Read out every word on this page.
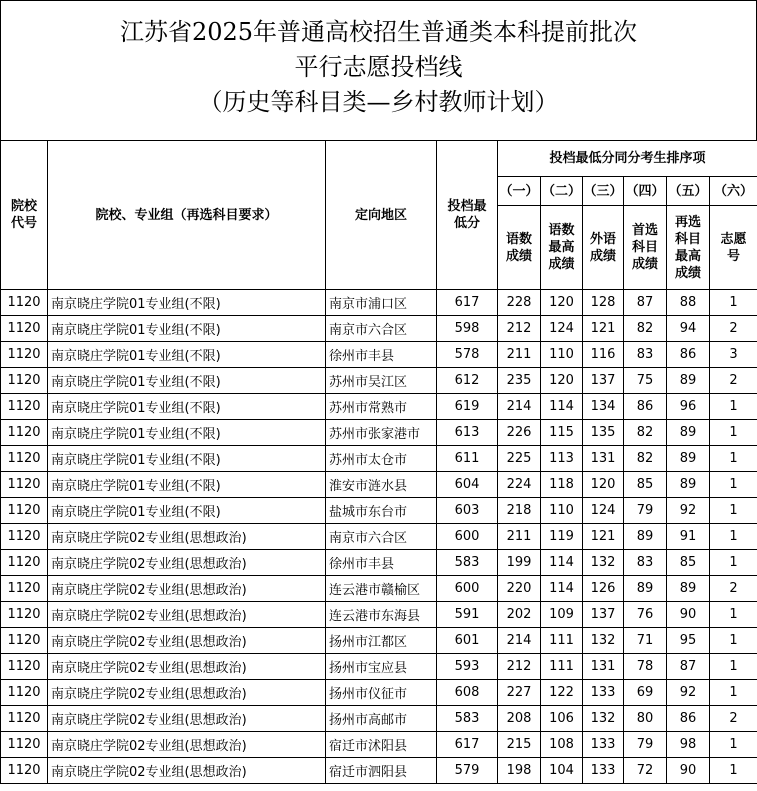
江苏省2025年普通高校招生普通类本科提前批次
平行志愿投档线
（历史等科目类—乡村教师计划）
院校代号	院校、专业组（再选科目要求）	定向地区	投档最低分	投档最低分同分考生排序项					
				（一）	（二）	（三）	（四）	（五）	（六）
				语数成绩	语数最高成绩	外语成绩	首选科目成绩	再选科目最高成绩	志愿号
1120	南京晓庄学院01专业组(不限)	南京市浦口区	617	228	120	128	87	88	1
1120	南京晓庄学院01专业组(不限)	南京市六合区	598	212	124	121	82	94	2
1120	南京晓庄学院01专业组(不限)	徐州市丰县	578	211	110	116	83	86	3
1120	南京晓庄学院01专业组(不限)	苏州市吴江区	612	235	120	137	75	89	2
1120	南京晓庄学院01专业组(不限)	苏州市常熟市	619	214	114	134	86	96	1
1120	南京晓庄学院01专业组(不限)	苏州市张家港市	613	226	115	135	82	89	1
1120	南京晓庄学院01专业组(不限)	苏州市太仓市	611	225	113	131	82	89	1
1120	南京晓庄学院01专业组(不限)	淮安市涟水县	604	224	118	120	85	89	1
1120	南京晓庄学院01专业组(不限)	盐城市东台市	603	218	110	124	79	92	1
1120	南京晓庄学院02专业组(思想政治)	南京市六合区	600	211	119	121	89	91	1
1120	南京晓庄学院02专业组(思想政治)	徐州市丰县	583	199	114	132	83	85	1
1120	南京晓庄学院02专业组(思想政治)	连云港市赣榆区	600	220	114	126	89	89	2
1120	南京晓庄学院02专业组(思想政治)	连云港市东海县	591	202	109	137	76	90	1
1120	南京晓庄学院02专业组(思想政治)	扬州市江都区	601	214	111	132	71	95	1
1120	南京晓庄学院02专业组(思想政治)	扬州市宝应县	593	212	111	131	78	87	1
1120	南京晓庄学院02专业组(思想政治)	扬州市仪征市	608	227	122	133	69	92	1
1120	南京晓庄学院02专业组(思想政治)	扬州市高邮市	583	208	106	132	80	86	2
1120	南京晓庄学院02专业组(思想政治)	宿迁市沭阳县	617	215	108	133	79	98	1
1120	南京晓庄学院02专业组(思想政治)	宿迁市泗阳县	579	198	104	133	72	90	1
